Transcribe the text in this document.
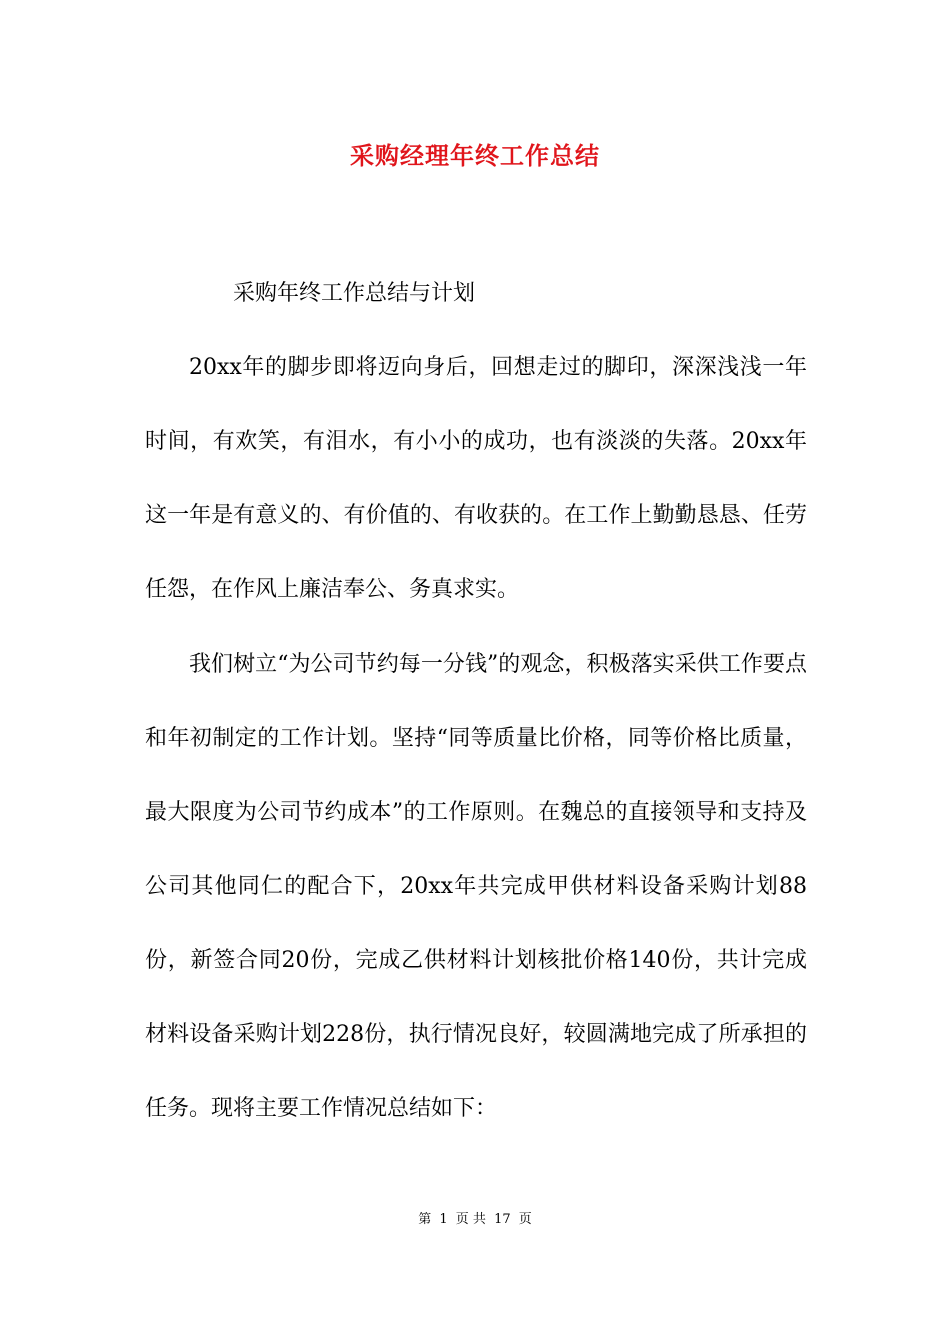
采购经理年终工作总结
采购年终工作总结与计划

20xx年的脚步即将迈向身后，回想走过的脚印，深深浅浅一年时间，有欢笑，有泪水，有小小的成功，也有淡淡的失落。20xx年这一年是有意义的、有价值的、有收获的。在工作上勤勤恳恳、任劳任怨，在作风上廉洁奉公、务真求实。

我们树立“为公司节约每一分钱”的观念，积极落实采供工作要点和年初制定的工作计划。坚持“同等质量比价格，同等价格比质量，最大限度为公司节约成本”的工作原则。在魏总的直接领导和支持及公司其他同仁的配合下，20xx年共完成甲供材料设备采购计划88份，新签合同20份，完成乙供材料计划核批价格140份，共计完成材料设备采购计划228份，执行情况良好，较圆满地完成了所承担的任务。现将主要工作情况总结如下：

第 1 页 共 17 页
